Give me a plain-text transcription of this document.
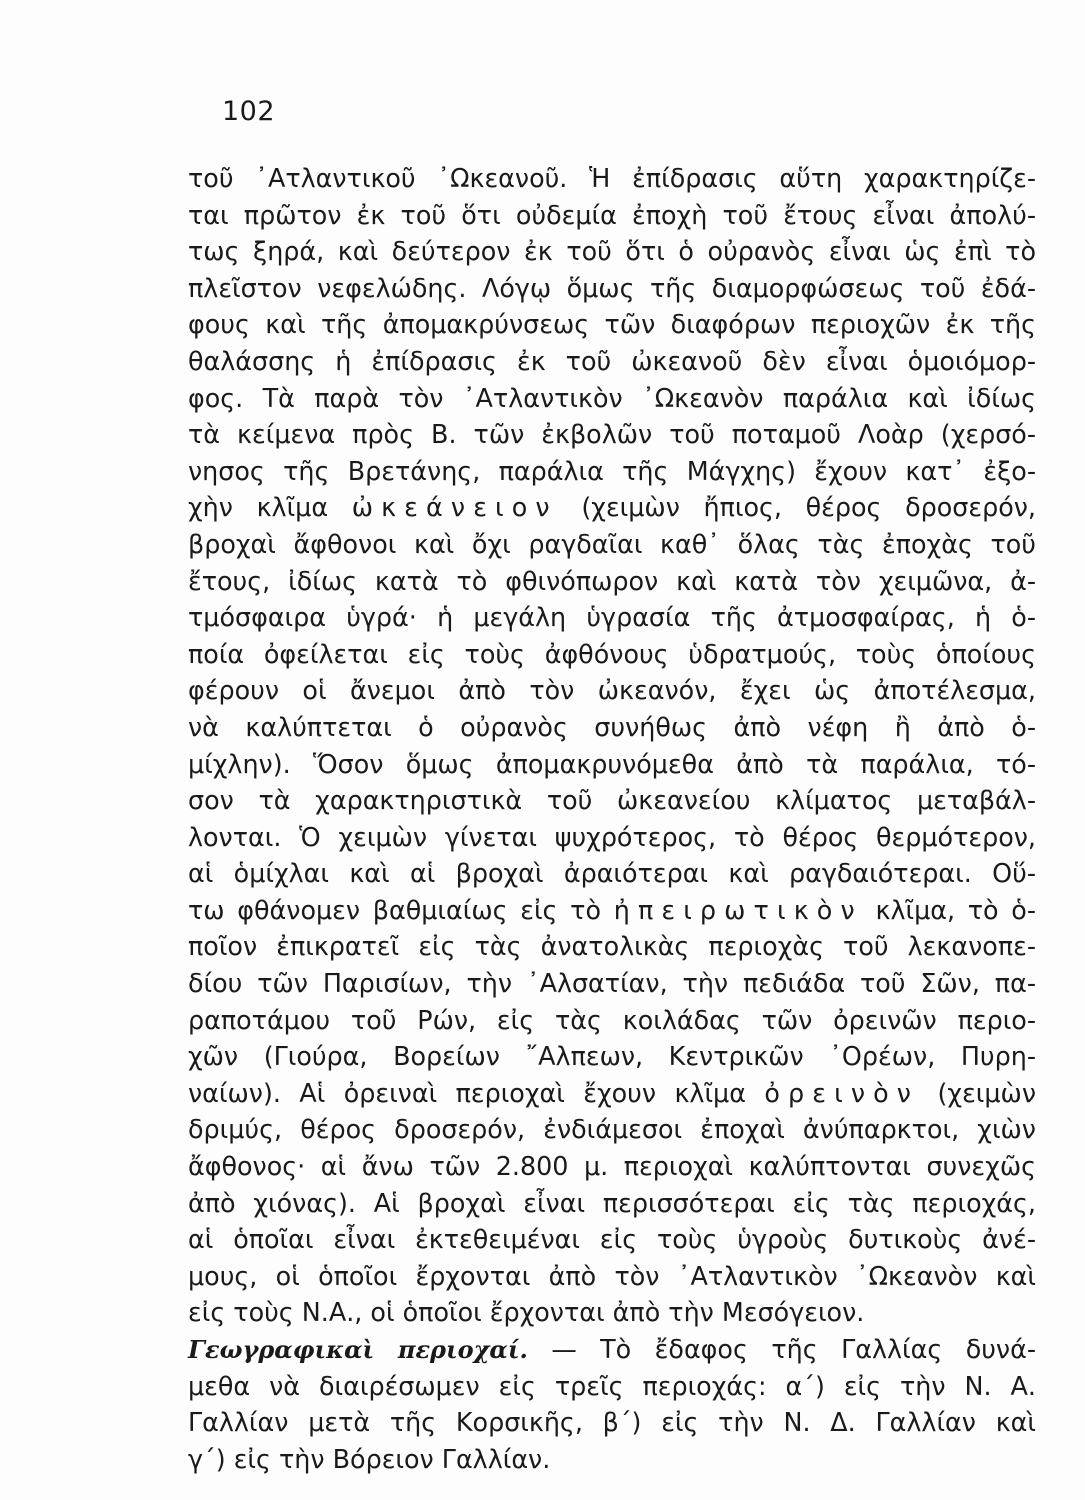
102
τοῦ ᾿Ατλαντικοῦ ᾿Ωκεανοῦ. Ἡ ἐπίδρασις αὕτη χαρακτηρίζε-
ται πρῶτον ἐκ τοῦ ὅτι οὐδεμία ἐποχὴ τοῦ ἔτους εἶναι ἀπολύ-
τως ξηρά, καὶ δεύτερον ἐκ τοῦ ὅτι ὁ οὐρανὸς εἶναι ὡς ἐπὶ τὸ
πλεῖστον νεφελώδης. Λόγῳ ὅμως τῆς διαμορφώσεως τοῦ ἐδά-
φους καὶ τῆς ἀπομακρύνσεως τῶν διαφόρων περιοχῶν ἐκ τῆς
θαλάσσης ἡ ἐπίδρασις ἐκ τοῦ ὠκεανοῦ δὲν εἶναι ὁμοιόμορ-
φος. Τὰ παρὰ τὸν ᾿Ατλαντικὸν ᾿Ωκεανὸν παράλια καὶ ἰδίως
τὰ κείμενα πρὸς Β. τῶν ἐκβολῶν τοῦ ποταμοῦ Λοὰρ (χερσό-
νησος τῆς Βρετάνης, παράλια τῆς Μάγχης) ἔχουν κατ᾿ ἐξο-
χὴν κλῖμα ὠκεάνειον (χειμὼν ἤπιος, θέρος δροσερόν,
βροχαὶ ἄφθονοι καὶ ὄχι ραγδαῖαι καθ᾿ ὅλας τὰς ἐποχὰς τοῦ
ἔτους, ἰδίως κατὰ τὸ φθινόπωρον καὶ κατὰ τὸν χειμῶνα, ἀ-
τμόσφαιρα ὑγρά· ἡ μεγάλη ὑγρασία τῆς ἀτμοσφαίρας, ἡ ὁ-
ποία ὀφείλεται εἰς τοὺς ἀφθόνους ὑδρατμούς, τοὺς ὁποίους
φέρουν οἱ ἄνεμοι ἀπὸ τὸν ὠκεανόν, ἔχει ὡς ἀποτέλεσμα,
νὰ καλύπτεται ὁ οὐρανὸς συνήθως ἀπὸ νέφη ἢ ἀπὸ ὁ-
μίχλην). Ὅσον ὅμως ἀπομακρυνόμεθα ἀπὸ τὰ παράλια, τό-
σον τὰ χαρακτηριστικὰ τοῦ ὠκεανείου κλίματος μεταβάλ-
λονται. Ὁ χειμὼν γίνεται ψυχρότερος, τὸ θέρος θερμότερον,
αἱ ὁμίχλαι καὶ αἱ βροχαὶ ἀραιότεραι καὶ ραγδαιότεραι. Οὕ-
τω φθάνομεν βαθμιαίως εἰς τὸ ἠπειρωτικὸν κλῖμα, τὸ ὁ-
ποῖον ἐπικρατεῖ εἰς τὰς ἀνατολικὰς περιοχὰς τοῦ λεκανοπε-
δίου τῶν Παρισίων, τὴν ᾿Αλσατίαν, τὴν πεδιάδα τοῦ Σῶν, πα-
ραποτάμου τοῦ Ρών, εἰς τὰς κοιλάδας τῶν ὀρεινῶν περιο-
χῶν (Γιούρα, Βορείων ῎Αλπεων, Κεντρικῶν ᾿Ορέων, Πυρη-
ναίων). Αἱ ὀρειναὶ περιοχαὶ ἔχουν κλῖμα ὀρεινὸν (χειμὼν
δριμύς, θέρος δροσερόν, ἐνδιάμεσοι ἐποχαὶ ἀνύπαρκτοι, χιὼν
ἄφθονος· αἱ ἄνω τῶν 2.800 μ. περιοχαὶ καλύπτονται συνεχῶς
ἀπὸ χιόνας). Αἱ βροχαὶ εἶναι περισσότεραι εἰς τὰς περιοχάς,
αἱ ὁποῖαι εἶναι ἐκτεθειμέναι εἰς τοὺς ὑγροὺς δυτικοὺς ἀνέ-
μους, οἱ ὁποῖοι ἔρχονται ἀπὸ τὸν ᾿Ατλαντικὸν ᾿Ωκεανὸν καὶ
εἰς τοὺς Ν.Α., οἱ ὁποῖοι ἔρχονται ἀπὸ τὴν Μεσόγειον.
Γεωγραφικαὶ περιοχαί. — Τὸ ἔδαφος τῆς Γαλλίας δυνά-
μεθα νὰ διαιρέσωμεν εἰς τρεῖς περιοχάς: α΄) εἰς τὴν Ν. Α.
Γαλλίαν μετὰ τῆς Κορσικῆς, β΄) εἰς τὴν Ν. Δ. Γαλλίαν καὶ
γ΄) εἰς τὴν Βόρειον Γαλλίαν.
